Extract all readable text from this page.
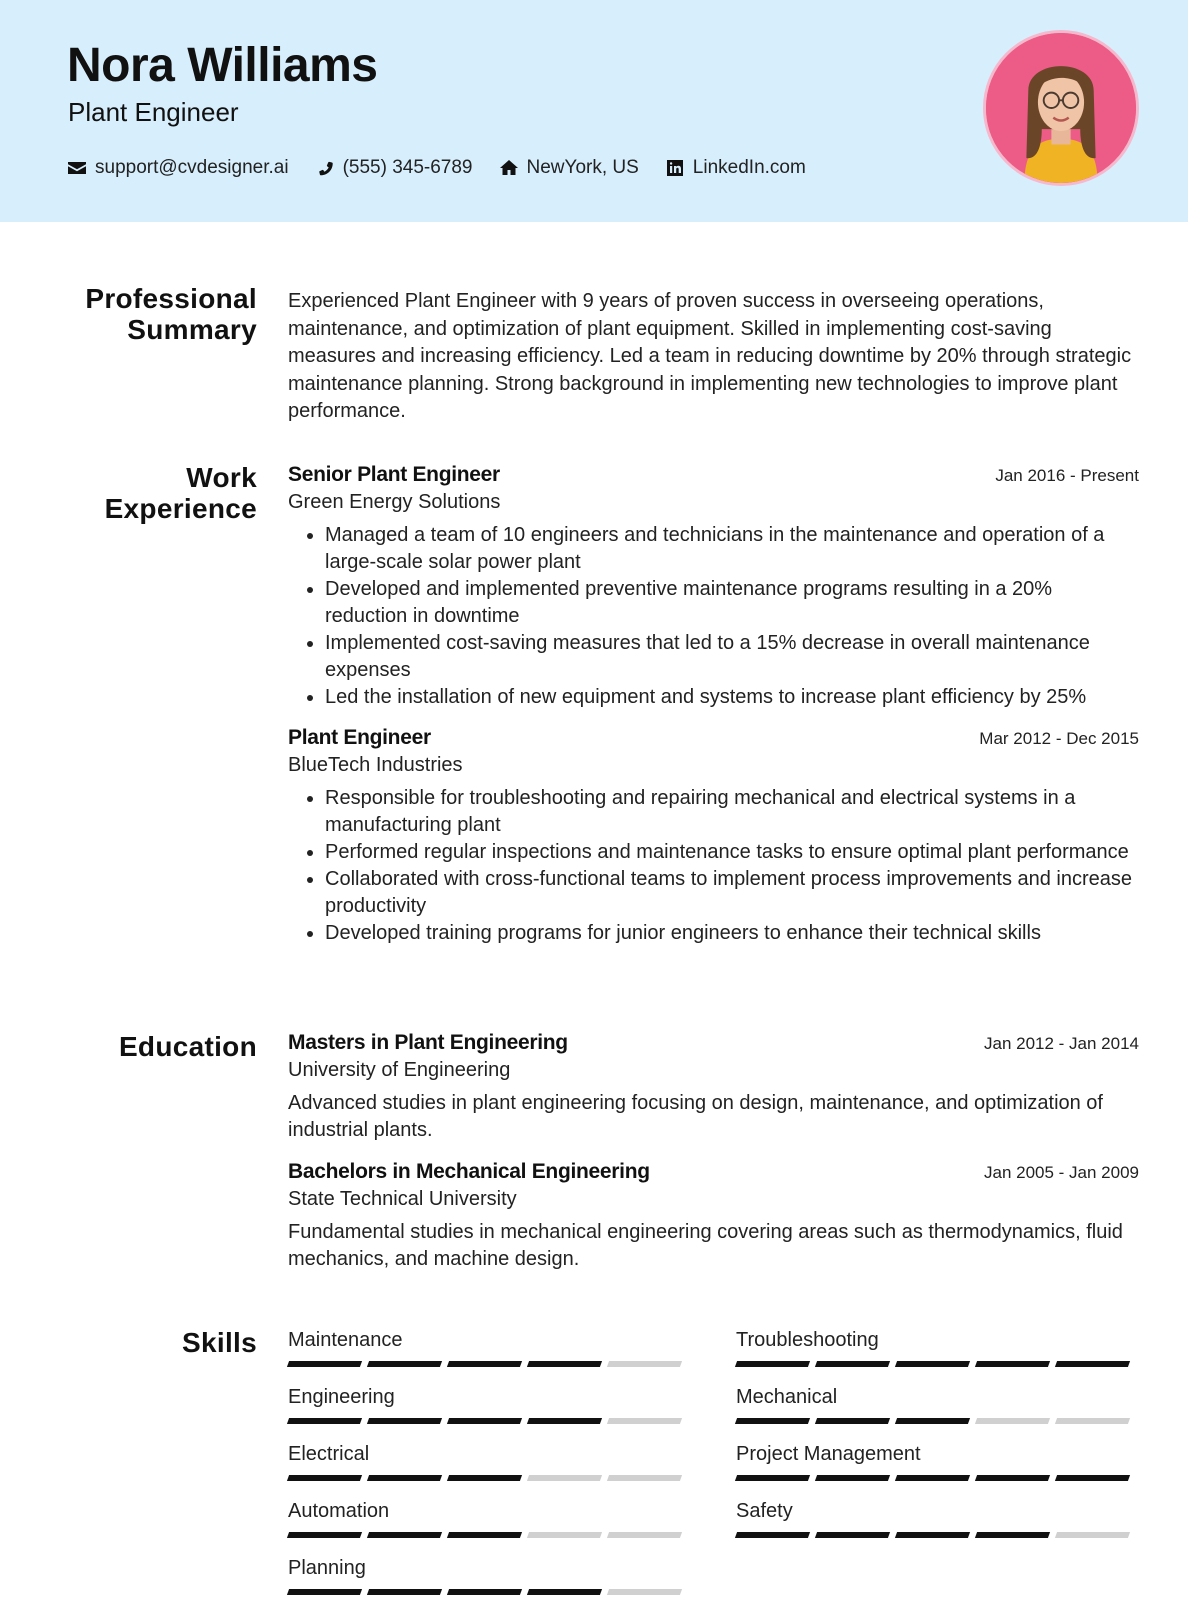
Nora Williams
Plant Engineer
support@cvdesigner.ai	(555) 345-6789	NewYork, US	LinkedIn.com
Professional
Summary

Experienced Plant Engineer with 9 years of proven success in overseeing operations, maintenance, and optimization of plant equipment. Skilled in implementing cost-saving measures and increasing efficiency. Led a team in reducing downtime by 20% through strategic maintenance planning. Strong background in implementing new technologies to improve plant performance.

Work
Experience
Senior Plant Engineer	Jan 2016 - Present
Green Energy Solutions
• Managed a team of 10 engineers and technicians in the maintenance and operation of a large-scale solar power plant
• Developed and implemented preventive maintenance programs resulting in a 20% reduction in downtime
• Implemented cost-saving measures that led to a 15% decrease in overall maintenance expenses
• Led the installation of new equipment and systems to increase plant efficiency by 25%
Plant Engineer	Mar 2012 - Dec 2015
BlueTech Industries
• Responsible for troubleshooting and repairing mechanical and electrical systems in a manufacturing plant
• Performed regular inspections and maintenance tasks to ensure optimal plant performance
• Collaborated with cross-functional teams to implement process improvements and increase productivity
• Developed training programs for junior engineers to enhance their technical skills
Education Masters in Plant Engineering	Jan 2012 - Jan 2014
University of Engineering
Advanced studies in plant engineering focusing on design, maintenance, and optimization of industrial plants.
Bachelors in Mechanical Engineering	Jan 2005 - Jan 2009
State Technical University
Fundamental studies in mechanical engineering covering areas such as thermodynamics, fluid mechanics, and machine design.
Skills Maintenance	Troubleshooting
Engineering	Mechanical
Electrical	Project Management
Automation	Safety
Planning
